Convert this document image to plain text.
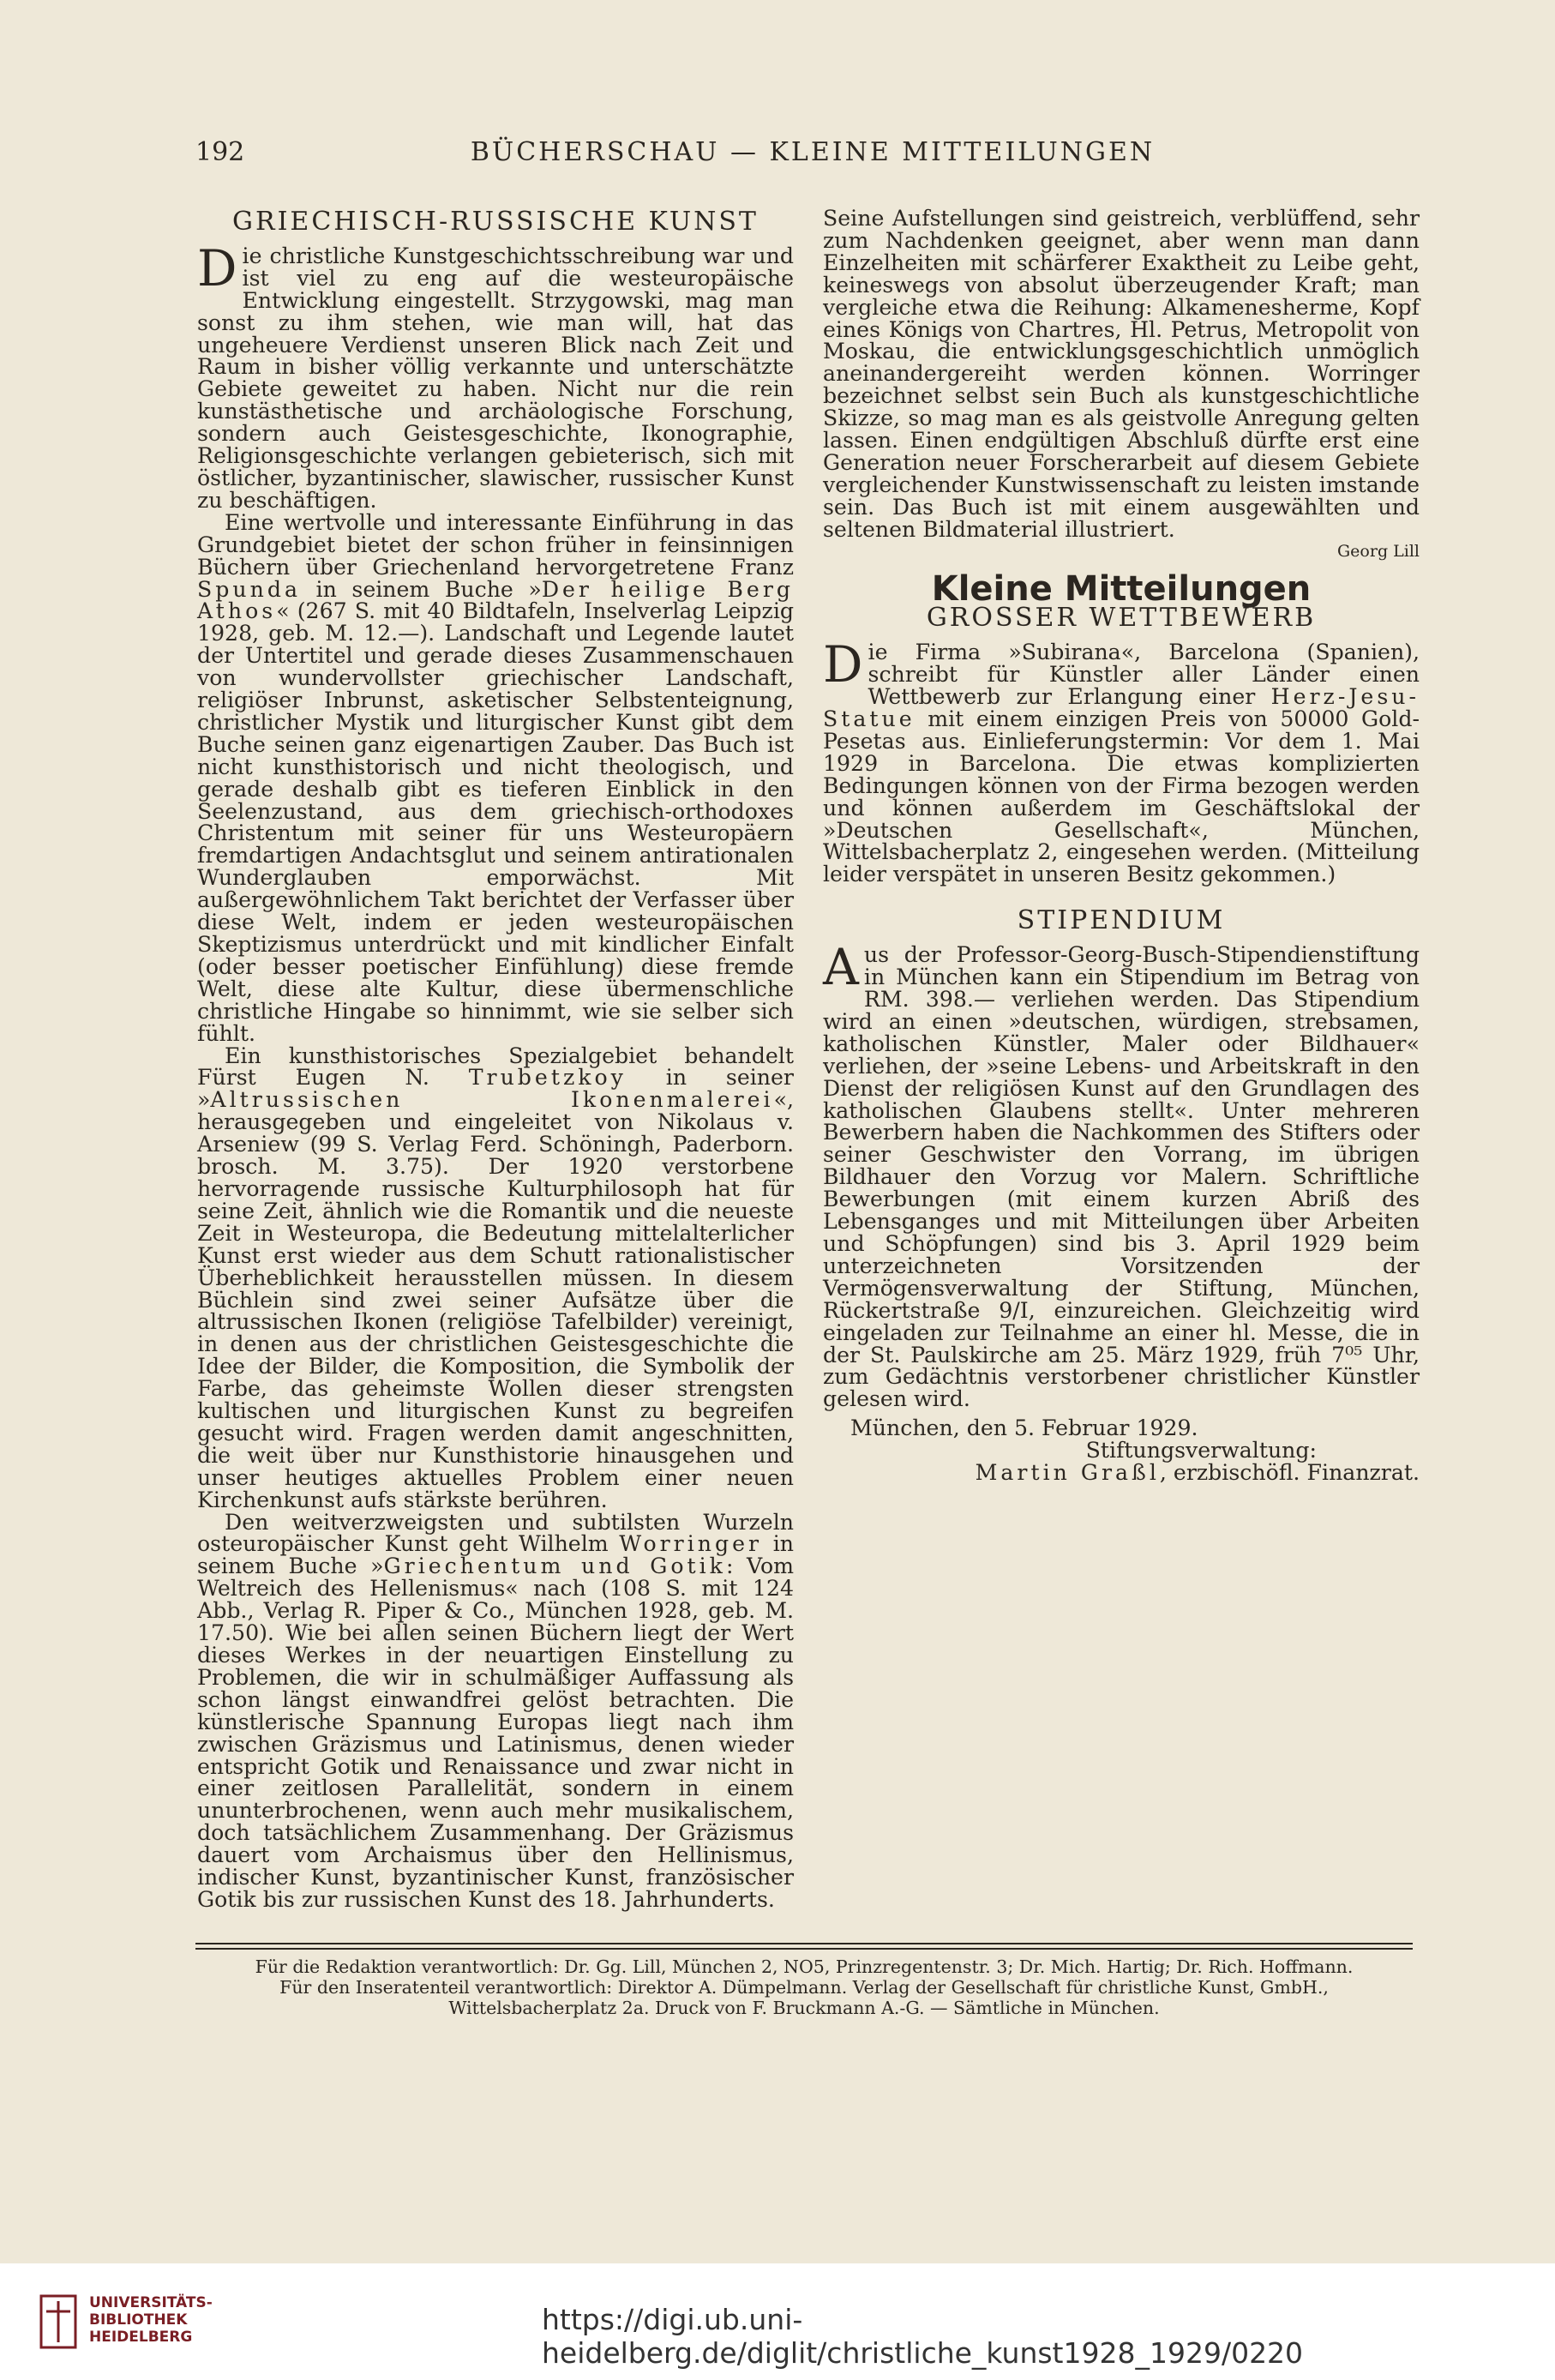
192	BÜCHERSCHAU — KLEINE MITTEILUNGEN
GRIECHISCH-RUSSISCHE KUNST

Die christliche Kunstgeschichtsschreibung war und ist viel zu eng auf die westeuropäische Entwicklung eingestellt. Strzygowski, mag man sonst zu ihm stehen, wie man will, hat das ungeheuere Verdienst unseren Blick nach Zeit und Raum in bisher völlig verkannte und unterschätzte Gebiete geweitet zu haben. Nicht nur die rein kunstästhetische und archäologische Forschung, sondern auch Geistesgeschichte, Ikonographie, Religionsgeschichte verlangen gebieterisch, sich mit östlicher, byzantinischer, slawischer, russischer Kunst zu beschäftigen.

Eine wertvolle und interessante Einführung in das Grundgebiet bietet der schon früher in feinsinnigen Büchern über Griechenland hervorgetretene Franz Spunda in seinem Buche »Der heilige Berg Athos« (267 S. mit 40 Bildtafeln, Inselverlag Leipzig 1928, geb. M. 12.—). Landschaft und Legende lautet der Untertitel und gerade dieses Zusammenschauen von wundervollster griechischer Landschaft, religiöser Inbrunst, asketischer Selbstenteignung, christlicher Mystik und liturgischer Kunst gibt dem Buche seinen ganz eigenartigen Zauber. Das Buch ist nicht kunsthistorisch und nicht theologisch, und gerade deshalb gibt es tieferen Einblick in den Seelenzustand, aus dem griechisch-orthodoxes Christentum mit seiner für uns Westeuropäern fremdartigen Andachtsglut und seinem antirationalen Wunderglauben emporwächst. Mit außergewöhnlichem Takt berichtet der Verfasser über diese Welt, indem er jeden westeuropäischen Skeptizismus unterdrückt und mit kindlicher Einfalt (oder besser poetischer Einfühlung) diese fremde Welt, diese alte Kultur, diese übermenschliche christliche Hingabe so hinnimmt, wie sie selber sich fühlt.

Ein kunsthistorisches Spezialgebiet behandelt Fürst Eugen N. Trubetzkoy in seiner »Altrussischen Ikonenmalerei«, herausgegeben und eingeleitet von Nikolaus v. Arseniew (99 S. Verlag Ferd. Schöningh, Paderborn. brosch. M. 3.75). Der 1920 verstorbene hervorragende russische Kulturphilosoph hat für seine Zeit, ähnlich wie die Romantik und die neueste Zeit in Westeuropa, die Bedeutung mittelalterlicher Kunst erst wieder aus dem Schutt rationalistischer Überheblichkeit herausstellen müssen. In diesem Büchlein sind zwei seiner Aufsätze über die altrussischen Ikonen (religiöse Tafelbilder) vereinigt, in denen aus der christlichen Geistesgeschichte die Idee der Bilder, die Komposition, die Symbolik der Farbe, das geheimste Wollen dieser strengsten kultischen und liturgischen Kunst zu begreifen gesucht wird. Fragen werden damit angeschnitten, die weit über nur Kunsthistorie hinausgehen und unser heutiges aktuelles Problem einer neuen Kirchenkunst aufs stärkste berühren.

Den weitverzweigsten und subtilsten Wurzeln osteuropäischer Kunst geht Wilhelm Worringer in seinem Buche »Griechentum und Gotik: Vom Weltreich des Hellenismus« nach (108 S. mit 124 Abb., Verlag R. Piper & Co., München 1928, geb. M. 17.50). Wie bei allen seinen Büchern liegt der Wert dieses Werkes in der neuartigen Einstellung zu Problemen, die wir in schulmäßiger Auffassung als schon längst einwandfrei gelöst betrachten. Die künstlerische Spannung Europas liegt nach ihm zwischen Gräzismus und Latinismus, denen wieder entspricht Gotik und Renaissance und zwar nicht in einer zeitlosen Parallelität, sondern in einem ununterbrochenen, wenn auch mehr musikalischem, doch tatsächlichem Zusammenhang. Der Gräzismus dauert vom Archaismus über den Hellinismus, indischer Kunst, byzantinischer Kunst, französischer Gotik bis zur russischen Kunst des 18. Jahrhunderts.

Seine Aufstellungen sind geistreich, verblüffend, sehr zum Nachdenken geeignet, aber wenn man dann Einzelheiten mit schärferer Exaktheit zu Leibe geht, keineswegs von absolut überzeugender Kraft; man vergleiche etwa die Reihung: Alkamenesherme, Kopf eines Königs von Chartres, Hl. Petrus, Metropolit von Moskau, die entwicklungsgeschichtlich unmöglich aneinandergereiht werden können. Worringer bezeichnet selbst sein Buch als kunstgeschichtliche Skizze, so mag man es als geistvolle Anregung gelten lassen. Einen endgültigen Abschluß dürfte erst eine Generation neuer Forscherarbeit auf diesem Gebiete vergleichender Kunstwissenschaft zu leisten imstande sein. Das Buch ist mit einem ausgewählten und seltenen Bildmaterial illustriert.

Georg Lill
Kleine Mitteilungen
GROSSER WETTBEWERB

Die Firma »Subirana«, Barcelona (Spanien), schreibt für Künstler aller Länder einen Wettbewerb zur Erlangung einer Herz-Jesu-Statue mit einem einzigen Preis von 50000 Gold-Pesetas aus. Einlieferungstermin: Vor dem 1. Mai 1929 in Barcelona. Die etwas komplizierten Bedingungen können von der Firma bezogen werden und können außerdem im Geschäftslokal der »Deutschen Gesellschaft«, München, Wittelsbacherplatz 2, eingesehen werden. (Mitteilung leider verspätet in unseren Besitz gekommen.)

STIPENDIUM

Aus der Professor-Georg-Busch-Stipendienstiftung in München kann ein Stipendium im Betrag von RM. 398.— verliehen werden. Das Stipendium wird an einen »deutschen, würdigen, strebsamen, katholischen Künstler, Maler oder Bildhauer« verliehen, der »seine Lebens- und Arbeitskraft in den Dienst der religiösen Kunst auf den Grundlagen des katholischen Glaubens stellt«. Unter mehreren Bewerbern haben die Nachkommen des Stifters oder seiner Geschwister den Vorrang, im übrigen Bildhauer den Vorzug vor Malern. Schriftliche Bewerbungen (mit einem kurzen Abriß des Lebensganges und mit Mitteilungen über Arbeiten und Schöpfungen) sind bis 3. April 1929 beim unterzeichneten Vorsitzenden der Vermögensverwaltung der Stiftung, München, Rückertstraße 9/I, einzureichen. Gleichzeitig wird eingeladen zur Teilnahme an einer hl. Messe, die in der St. Paulskirche am 25. März 1929, früh 7⁰⁵ Uhr, zum Gedächtnis verstorbener christlicher Künstler gelesen wird.

München, den 5. Februar 1929.

Stiftungsverwaltung:

Martin Graßl, erzbischöfl. Finanzrat.

Für die Redaktion verantwortlich: Dr. Gg. Lill, München 2, NO5, Prinzregentenstr. 3; Dr. Mich. Hartig; Dr. Rich. Hoffmann.
Für den Inseratenteil verantwortlich: Direktor A. Dümpelmann. Verlag der Gesellschaft für christliche Kunst, GmbH.,
Wittelsbacherplatz 2a. Druck von F. Bruckmann A.-G. — Sämtliche in München.
UNIVERSITÄTS-
BIBLIOTHEK
HEIDELBERG
https://digi.ub.uni-heidelberg.de/diglit/christliche_kunst1928_1929/0220
